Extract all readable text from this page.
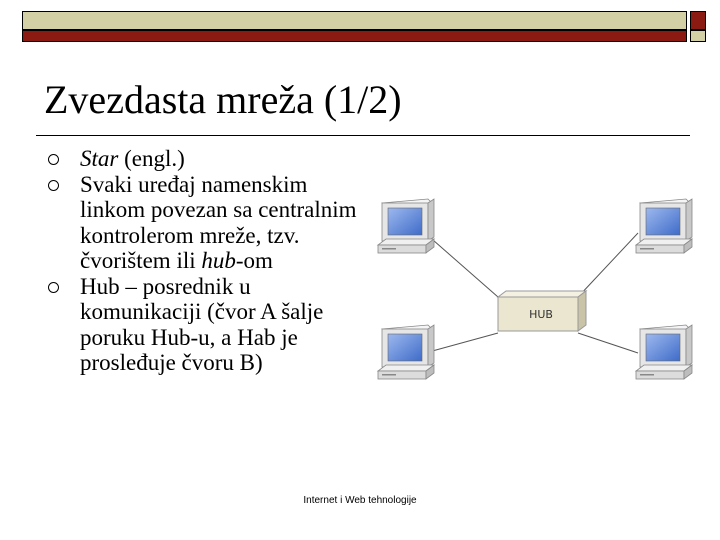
Zvezdasta mreža (1/2)
Star (engl.)
Svaki uređaj namenskim linkom povezan sa centralnim kontrolerom mreže, tzv. čvorištem ili hub-om
Hub – posrednik u komunikaciji (čvor A šalje poruku Hub-u, a Hab je prosleđuje čvoru B)
HUB
Internet i Web tehnologije
